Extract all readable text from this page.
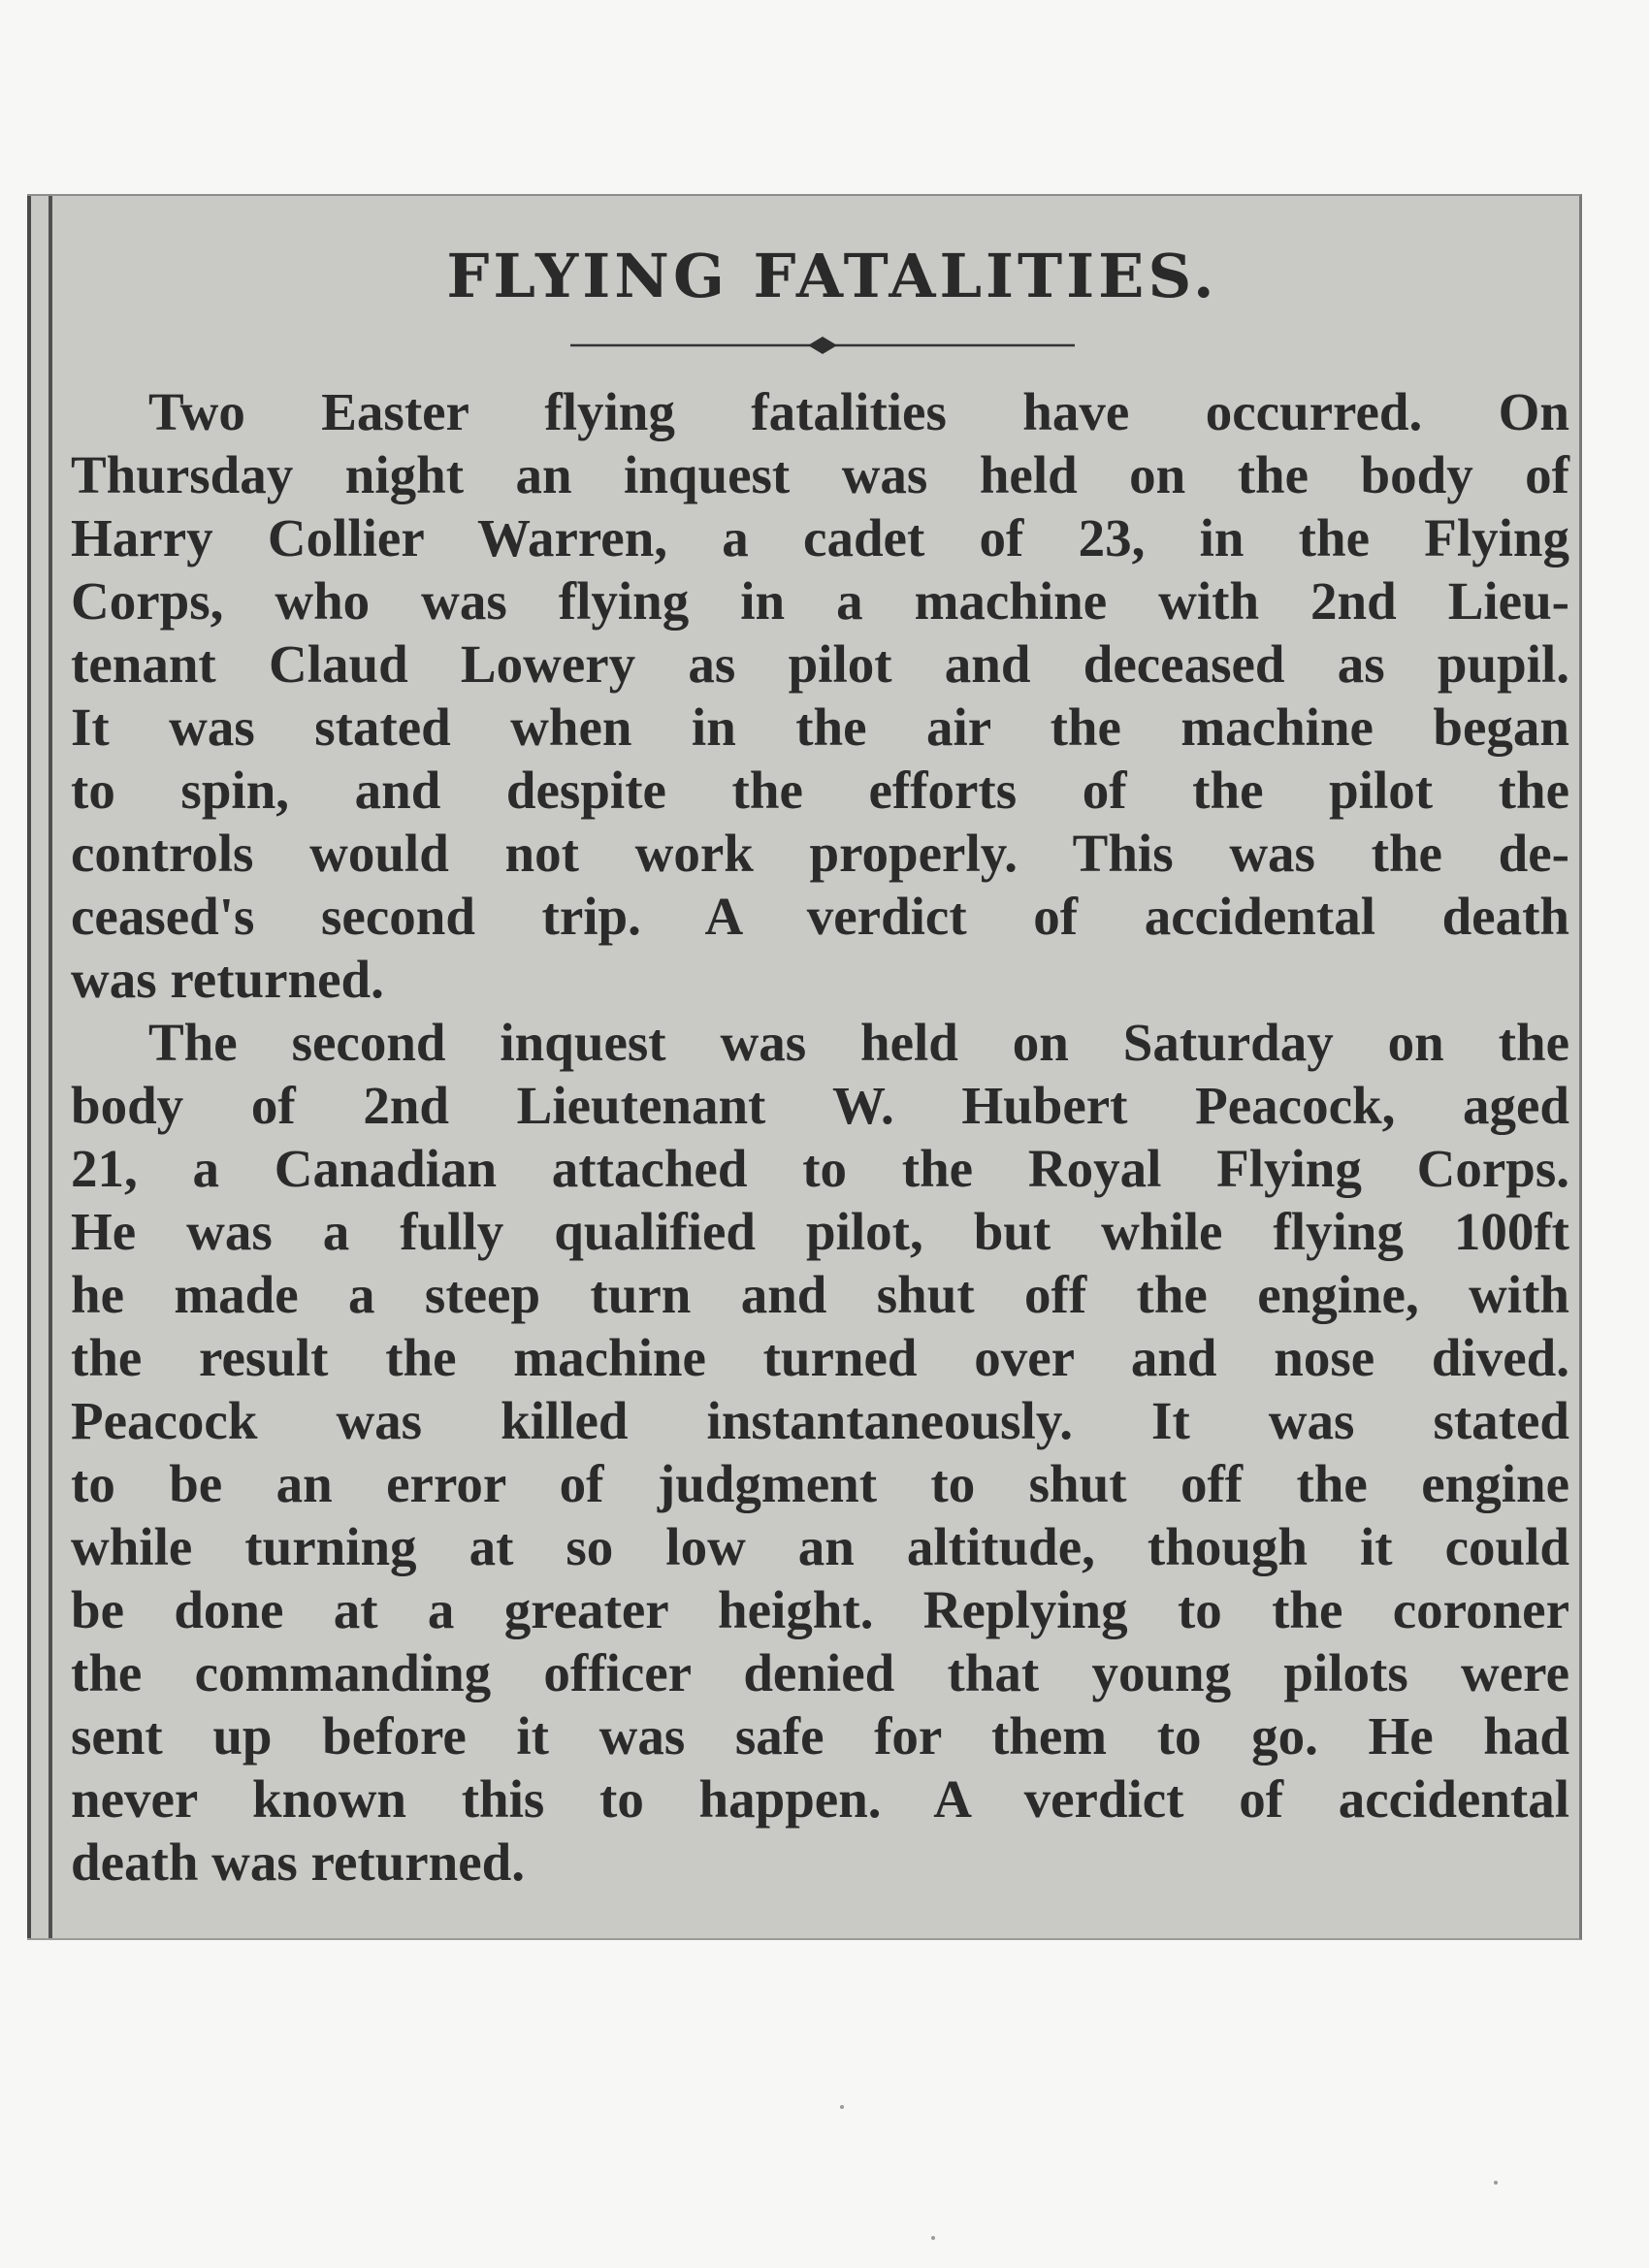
FLYING FATALITIES.
Two Easter flying fatalities have occurred. On
Thursday night an inquest was held on the body of
Harry Collier Warren, a cadet of 23, in the Flying
Corps, who was flying in a machine with 2nd Lieu-
tenant Claud Lowery as pilot and deceased as pupil.
It was stated when in the air the machine began
to spin, and despite the efforts of the pilot the
controls would not work properly. This was the de-
ceased's second trip. A verdict of accidental death
was returned.
The second inquest was held on Saturday on the
body of 2nd Lieutenant W. Hubert Peacock, aged
21, a Canadian attached to the Royal Flying Corps.
He was a fully qualified pilot, but while flying 100ft
he made a steep turn and shut off the engine, with
the result the machine turned over and nose dived.
Peacock was killed instantaneously. It was stated
to be an error of judgment to shut off the engine
while turning at so low an altitude, though it could
be done at a greater height. Replying to the coroner
the commanding officer denied that young pilots were
sent up before it was safe for them to go. He had
never known this to happen. A verdict of accidental
death was returned.
